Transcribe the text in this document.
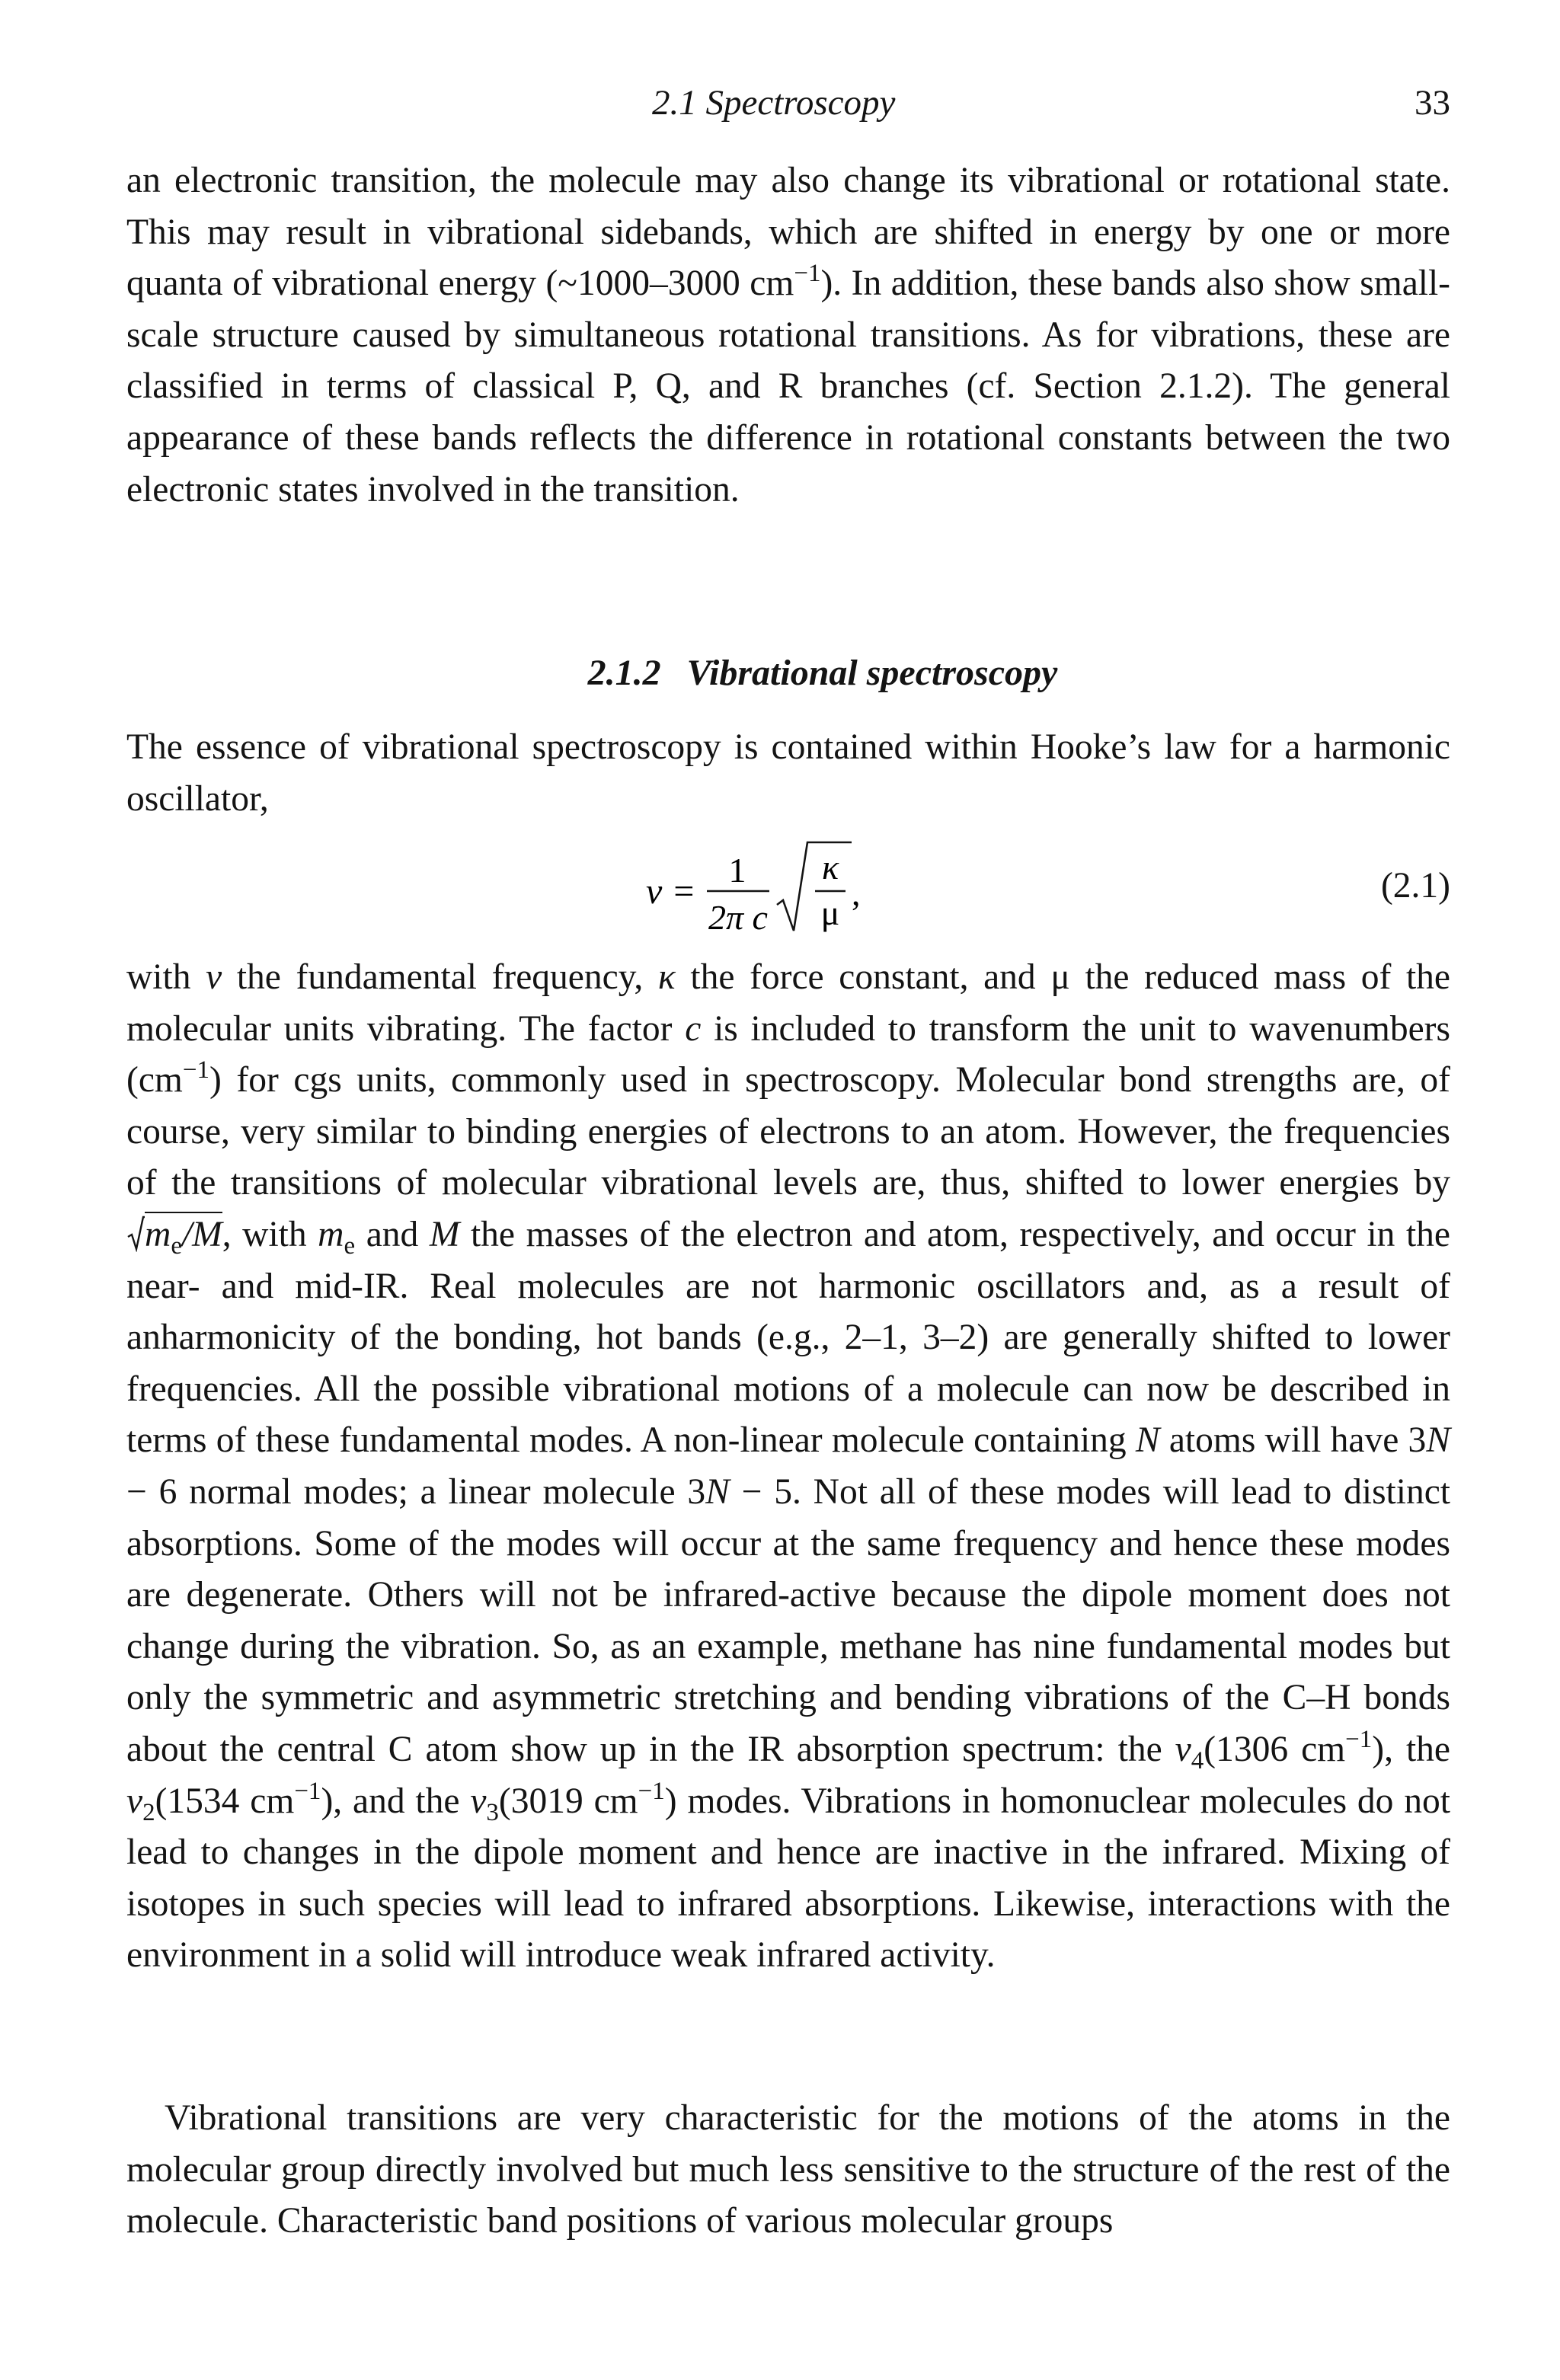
2.1 Spectroscopy	33

an electronic transition, the molecule may also change its vibrational or rotational state. This may result in vibrational sidebands, which are shifted in energy by one or more quanta of vibrational energy (~1000–3000 $cm^{-1}$). In addition, these bands also show small-scale structure caused by simultaneous rotational transitions. As for vibrations, these are classified in terms of classical P, Q, and R branches (cf. Section 2.1.2). The general appearance of these bands reflects the difference in rotational constants between the two electronic states involved in the transition.

2.1.2 Vibrational spectroscopy

The essence of vibrational spectroscopy is contained within Hooke’s law for a harmonic oscillator,

ν =
1
2π c
κ
μ
,	(2.1)

with ν the fundamental frequency, κ the force constant, and μ the reduced mass of the molecular units vibrating. The factor c is included to transform the unit to wavenumbers $(cm^{-1})$ for cgs units, commonly used in spectroscopy. Molecular bond strengths are, of course, very similar to binding energies of electrons to an atom. However, the frequencies of the transitions of molecular vibrational levels are, thus, shifted to lower energies by $m_e/M$, with $m_e$ and M the masses of the electron and atom, respectively, and occur in the near- and mid-IR. Real molecules are not harmonic oscillators and, as a result of anharmonicity of the bonding, hot bands (e.g., 2–1, 3–2) are generally shifted to lower frequencies. All the possible vibrational motions of a molecule can now be described in terms of these fundamental modes. A non-linear molecule containing N atoms will have 3N − 6 normal modes; a linear molecule 3N − 5. Not all of these modes will lead to distinct absorptions. Some of the modes will occur at the same frequency and hence these modes are degenerate. Others will not be infrared-active because the dipole moment does not change during the vibration. So, as an example, methane has nine fundamental modes but only the symmetric and asymmetric stretching and bending vibrations of the C–H bonds about the central C atom show up in the IR absorption spectrum: the $\nu_4(1306$ $cm^{-1}$), the $\nu_2(1534$ $cm^{-1}$), and the $\nu_3(3019$ $cm^{-1}$) modes. Vibrations in homonuclear molecules do not lead to changes in the dipole moment and hence are inactive in the infrared. Mixing of isotopes in such species will lead to infrared absorptions. Likewise, interactions with the environment in a solid will introduce weak infrared activity.

Vibrational transitions are very characteristic for the motions of the atoms in the molecular group directly involved but much less sensitive to the structure of the rest of the molecule. Characteristic band positions of various molecular groups
